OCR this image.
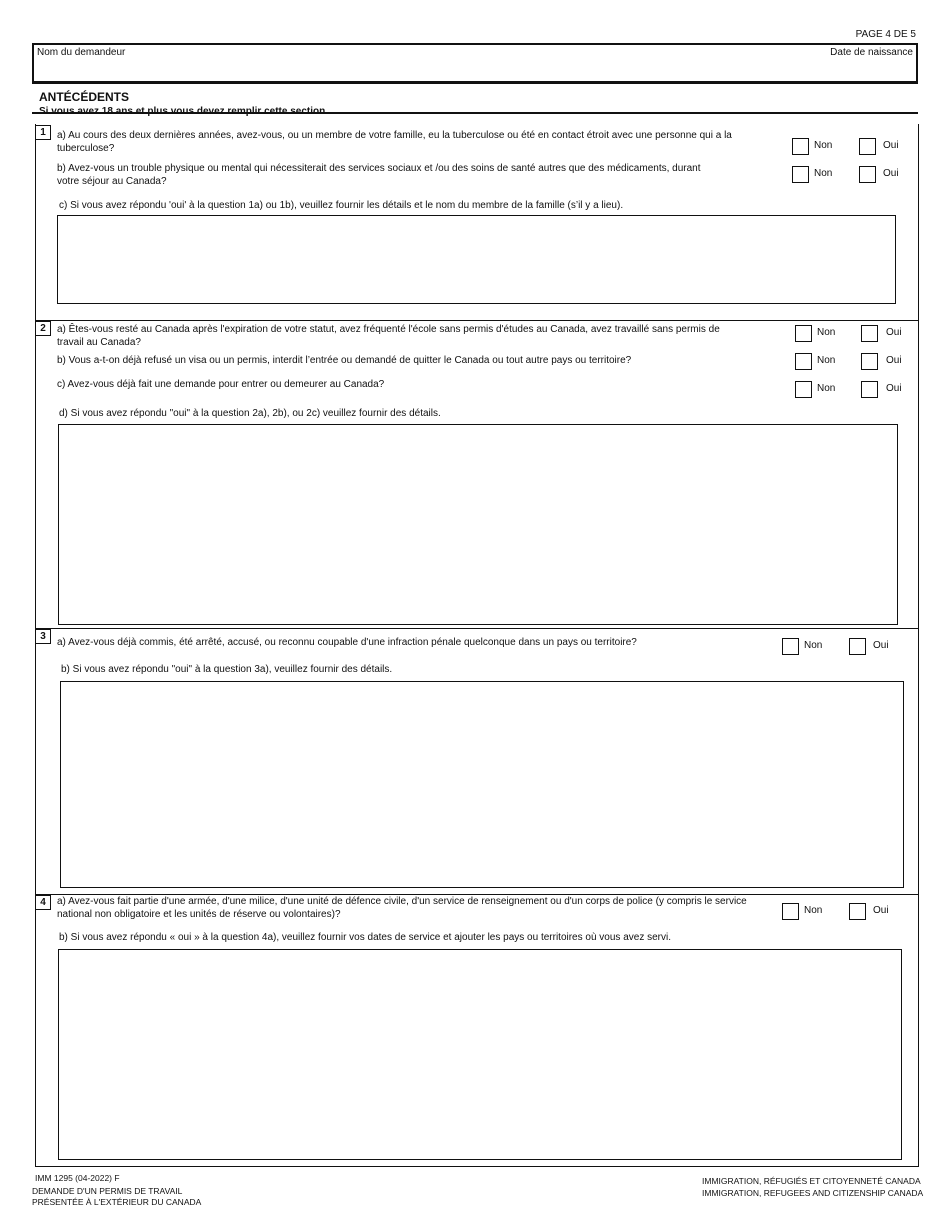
PAGE 4 DE 5
Nom du demandeur	Date de naissance
ANTÉCÉDENTS
Si vous avez 18 ans et plus vous devez remplir cette section.
1	a) Au cours des deux dernières années, avez-vous, ou un membre de votre famille, eu la tuberculose ou été en contact étroit avec une personne qui a la
tuberculose?	Non	Oui
b) Avez-vous un trouble physique ou mental qui nécessiterait des services sociaux et /ou des soins de santé autres que des médicaments, durant
votre séjour au Canada?
Non	Oui
c) Si vous avez répondu 'oui' à la question 1a) ou 1b), veuillez fournir les détails et le nom du membre de la famille (s’il y a lieu).
2	a) Êtes-vous resté au Canada après l'expiration de votre statut, avez fréquenté l'école sans permis d'études au Canada, avez travaillé sans permis de
travail au Canada?
Non	Oui
b) Vous a-t-on déjà refusé un visa ou un permis, interdit l’entrée ou demandé de quitter le Canada ou tout autre pays ou territoire?	Non	Oui
c) Avez-vous déjà fait une demande pour entrer ou demeurer au Canada?	Non	Oui
d) Si vous avez répondu "oui" à la question 2a), 2b), ou 2c) veuillez fournir des détails.
3
a) Avez-vous déjà commis, été arrêté, accusé, ou reconnu coupable d'une infraction pénale quelconque dans un pays ou territoire?	Non	Oui
b) Si vous avez répondu "oui" à la question 3a), veuillez fournir des détails.
4	a) Avez-vous fait partie d'une armée, d'une milice, d'une unité de défence civile, d'un service de renseignement ou d'un corps de police (y compris le service
national non obligatoire et les unités de réserve ou volontaires)?	Non	Oui
b) Si vous avez répondu « oui » à la question 4a), veuillez fournir vos dates de service et ajouter les pays ou territoires où vous avez servi.
IMM 1295 (04-2022) F
DEMANDE D'UN PERMIS DE TRAVAIL
PRÉSENTÉE À L'EXTÉRIEUR DU CANADA
IMMIGRATION, RÉFUGIÉS ET CITOYENNETÉ CANADA
IMMIGRATION, REFUGEES AND CITIZENSHIP CANADA
